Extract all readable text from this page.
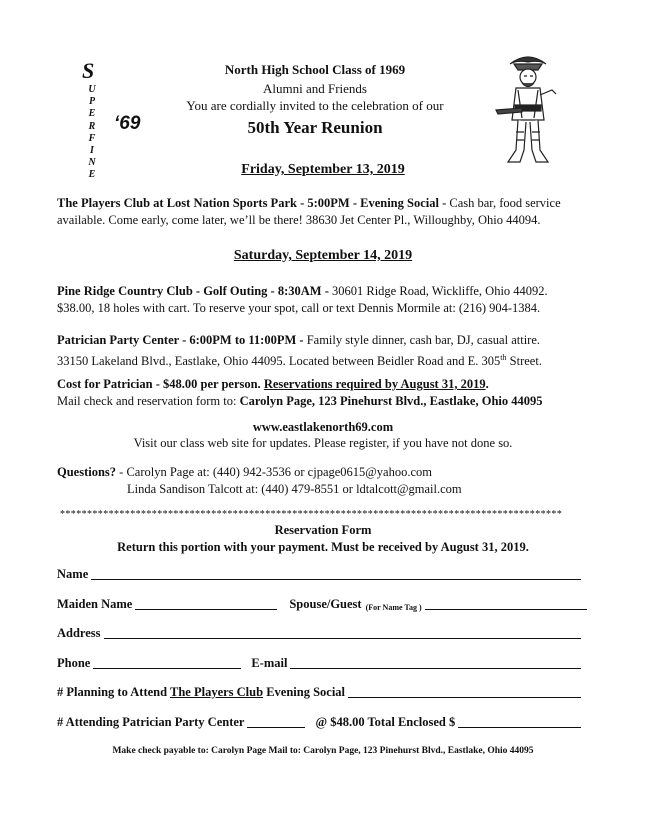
S
U
P
E
R
F
I
N
E
‘69
North High School Class of 1969
Alumni and Friends
You are cordially invited to the celebration of our
50th Year Reunion
Friday, September 13, 2019
The Players Club at Lost Nation Sports Park - 5:00PM - Evening Social - Cash bar, food service
available. Come early, come later, we’ll be there! 38630 Jet Center Pl., Willoughby, Ohio 44094.
Saturday, September 14, 2019
Pine Ridge Country Club - Golf Outing - 8:30AM - 30601 Ridge Road, Wickliffe, Ohio 44092.
$38.00, 18 holes with cart. To reserve your spot, call or text Dennis Mormile at: (216) 904-1384.
Patrician Party Center - 6:00PM to 11:00PM - Family style dinner, cash bar, DJ, casual attire.
33150 Lakeland Blvd., Eastlake, Ohio 44095. Located between Beidler Road and E. 305th Street.
Cost for Patrician - $48.00 per person. Reservations required by August 31, 2019.
Mail check and reservation form to: Carolyn Page, 123 Pinehurst Blvd., Eastlake, Ohio 44095
www.eastlakenorth69.com
Visit our class web site for updates. Please register, if you have not done so.
Questions? - Carolyn Page at: (440) 942-3536 or cjpage0615@yahoo.com
Linda Sandison Talcott at: (440) 479-8551 or ldtalcott@gmail.com
*********************************************************************************************
Reservation Form
Return this portion with your payment. Must be received by August 31, 2019.
Name
Maiden Name	Spouse/Guest (For Name Tag )
Address
Phone	E-mail
# Planning to Attend The Players Club Evening Social
# Attending Patrician Party Center	@ $48.00 Total Enclosed $
Make check payable to: Carolyn Page Mail to: Carolyn Page, 123 Pinehurst Blvd., Eastlake, Ohio 44095
